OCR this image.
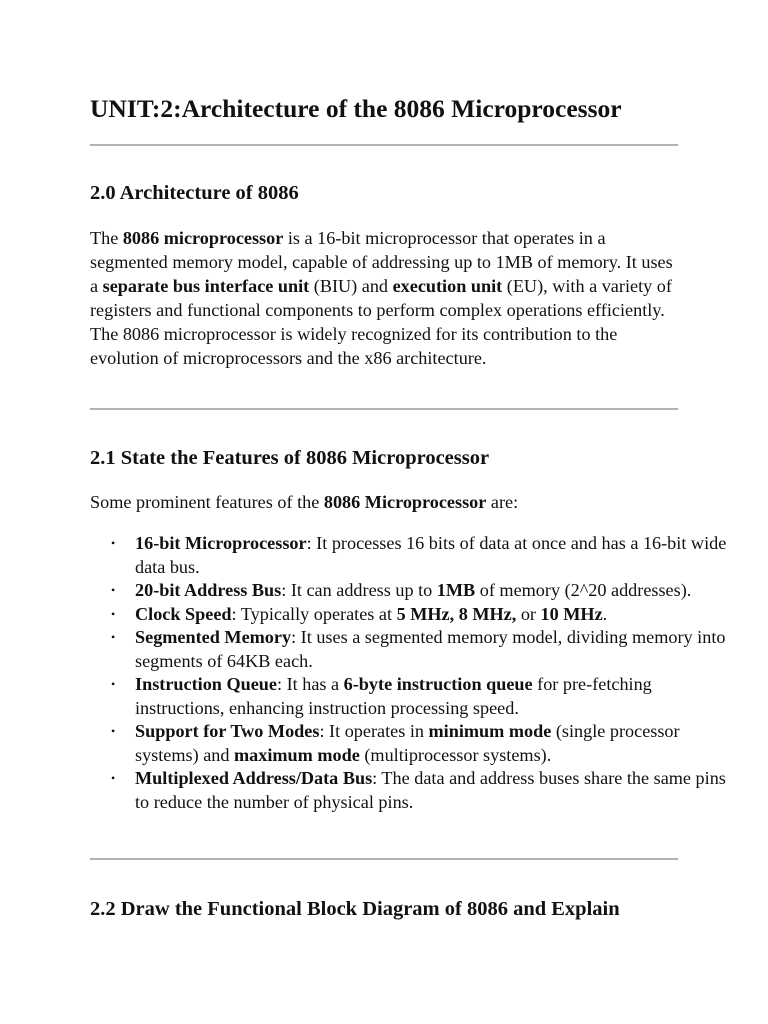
UNIT:2:Architecture of the 8086 Microprocessor
2.0 Architecture of 8086

The 8086 microprocessor is a 16-bit microprocessor that operates in a segmented memory model, capable of addressing up to 1MB of memory. It uses a separate bus interface unit (BIU) and execution unit (EU), with a variety of registers and functional components to perform complex operations efficiently. The 8086 microprocessor is widely recognized for its contribution to the evolution of microprocessors and the x86 architecture.

2.1 State the Features of 8086 Microprocessor

Some prominent features of the 8086 Microprocessor are:

• 16-bit Microprocessor: It processes 16 bits of data at once and has a 16-bit wide data bus.
• 20-bit Address Bus: It can address up to 1MB of memory (2^20 addresses).
• Clock Speed: Typically operates at 5 MHz, 8 MHz, or 10 MHz.
• Segmented Memory: It uses a segmented memory model, dividing memory into segments of 64KB each.
• Instruction Queue: It has a 6-byte instruction queue for pre-fetching instructions, enhancing instruction processing speed.
• Support for Two Modes: It operates in minimum mode (single processor systems) and maximum mode (multiprocessor systems).
• Multiplexed Address/Data Bus: The data and address buses share the same pins to reduce the number of physical pins.
2.2 Draw the Functional Block Diagram of 8086 and Explain
